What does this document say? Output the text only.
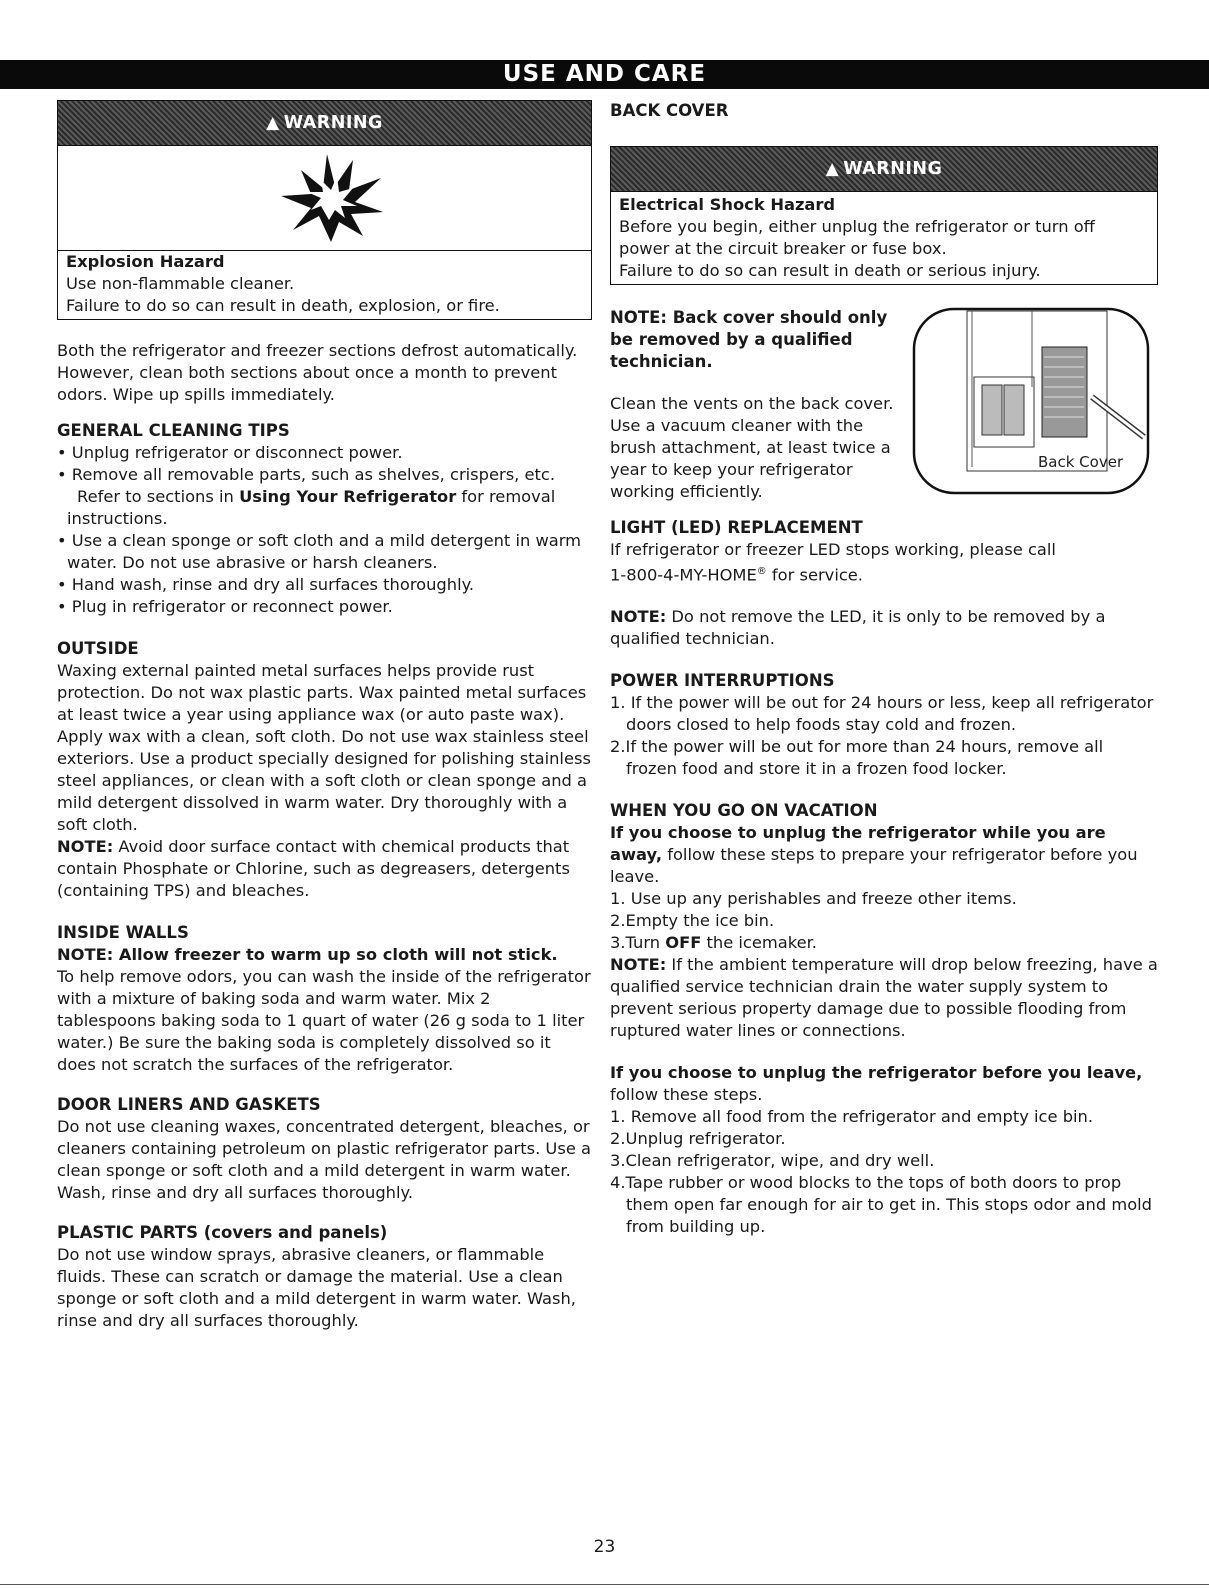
USE AND CARE
▲ WARNING

Explosion Hazard

Use non-flammable cleaner.

Failure to do so can result in death, explosion, or fire.

Both the refrigerator and freezer sections defrost automatically. However, clean both sections about once a month to prevent odors. Wipe up spills immediately.

GENERAL CLEANING TIPS

• Unplug refrigerator or disconnect power.

• Remove all removable parts, such as shelves, crispers, etc.
Refer to sections in Using Your Refrigerator for removal instructions.

• Use a clean sponge or soft cloth and a mild detergent in warm water. Do not use abrasive or harsh cleaners.

• Hand wash, rinse and dry all surfaces thoroughly.

• Plug in refrigerator or reconnect power.

OUTSIDE

Waxing external painted metal surfaces helps provide rust protection. Do not wax plastic parts. Wax painted metal surfaces at least twice a year using appliance wax (or auto paste wax). Apply wax with a clean, soft cloth. Do not use wax stainless steel exteriors. Use a product specially designed for polishing stainless steel appliances, or clean with a soft cloth or clean sponge and a mild detergent dissolved in warm water. Dry thoroughly with a soft cloth.

NOTE: Avoid door surface contact with chemical products that contain Phosphate or Chlorine, such as degreasers, detergents (containing TPS) and bleaches.

INSIDE WALLS

NOTE: Allow freezer to warm up so cloth will not stick.

To help remove odors, you can wash the inside of the refrigerator with a mixture of baking soda and warm water. Mix 2 tablespoons baking soda to 1 quart of water (26 g soda to 1 liter water.) Be sure the baking soda is completely dissolved so it does not scratch the surfaces of the refrigerator.

DOOR LINERS AND GASKETS

Do not use cleaning waxes, concentrated detergent, bleaches, or cleaners containing petroleum on plastic refrigerator parts. Use a clean sponge or soft cloth and a mild detergent in warm water. Wash, rinse and dry all surfaces thoroughly.

PLASTIC PARTS (covers and panels)

Do not use window sprays, abrasive cleaners, or flammable fluids. These can scratch or damage the material. Use a clean sponge or soft cloth and a mild detergent in warm water. Wash, rinse and dry all surfaces thoroughly.

BACK COVER

▲ WARNING

Electrical Shock Hazard

Before you begin, either unplug the refrigerator or turn off power at the circuit breaker or fuse box.

Failure to do so can result in death or serious injury.

NOTE: Back cover should only be removed by a qualified technician.

Clean the vents on the back cover. Use a vacuum cleaner with the brush attachment, at least twice a year to keep your refrigerator working efficiently.

Back Cover

LIGHT (LED) REPLACEMENT

If refrigerator or freezer LED stops working, please call

1-800-4-MY-HOME® for service.

NOTE: Do not remove the LED, it is only to be removed by a qualified technician.

POWER INTERRUPTIONS

1. If the power will be out for 24 hours or less, keep all refrigerator doors closed to help foods stay cold and frozen.

2.If the power will be out for more than 24 hours, remove all frozen food and store it in a frozen food locker.

WHEN YOU GO ON VACATION

If you choose to unplug the refrigerator while you are away, follow these steps to prepare your refrigerator before you leave.

1. Use up any perishables and freeze other items.

2.Empty the ice bin.

3.Turn OFF the icemaker.

NOTE: If the ambient temperature will drop below freezing, have a qualified service technician drain the water supply system to prevent serious property damage due to possible flooding from ruptured water lines or connections.

If you choose to unplug the refrigerator before you leave, follow these steps.

1. Remove all food from the refrigerator and empty ice bin.

2.Unplug refrigerator.

3.Clean refrigerator, wipe, and dry well.

4.Tape rubber or wood blocks to the tops of both doors to prop them open far enough for air to get in. This stops odor and mold from building up.

23
